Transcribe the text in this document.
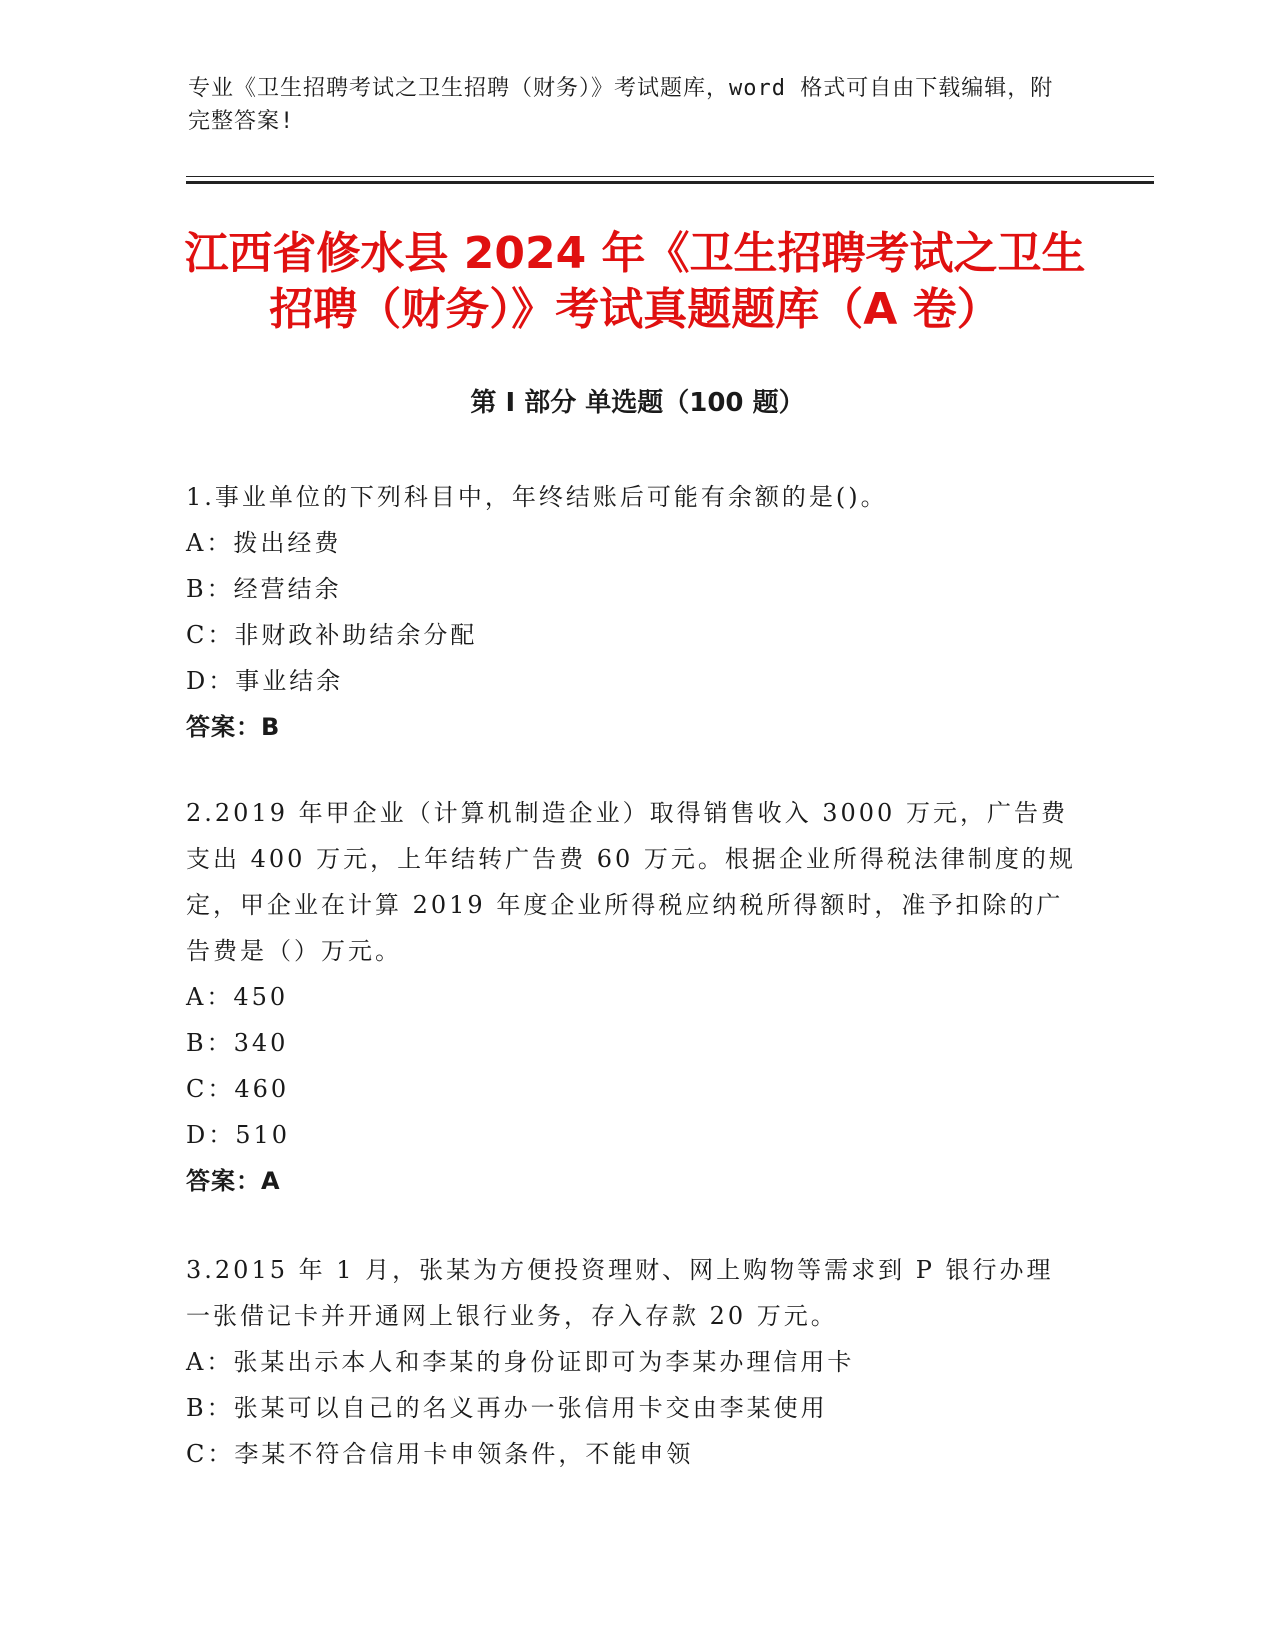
专业《卫生招聘考试之卫生招聘（财务）》考试题库，word 格式可自由下载编辑，附完整答案!
江西省修水县 2024 年《卫生招聘考试之卫生
招聘（财务）》考试真题题库（A 卷）
第 I 部分 单选题（100 题）
1.事业单位的下列科目中，年终结账后可能有余额的是()。
A：拨出经费
B：经营结余
C：非财政补助结余分配
D：事业结余
答案：B
2.2019 年甲企业（计算机制造企业）取得销售收入 3000 万元，广告费支出 400 万元，上年结转广告费 60 万元。根据企业所得税法律制度的规定，甲企业在计算 2019 年度企业所得税应纳税所得额时，准予扣除的广告费是（）万元。
A：450
B：340
C：460
D：510
答案：A
3.2015 年 1 月，张某为方便投资理财、网上购物等需求到 P 银行办理一张借记卡并开通网上银行业务，存入存款 20 万元。
A：张某出示本人和李某的身份证即可为李某办理信用卡
B：张某可以自己的名义再办一张信用卡交由李某使用
C：李某不符合信用卡申领条件，不能申领
